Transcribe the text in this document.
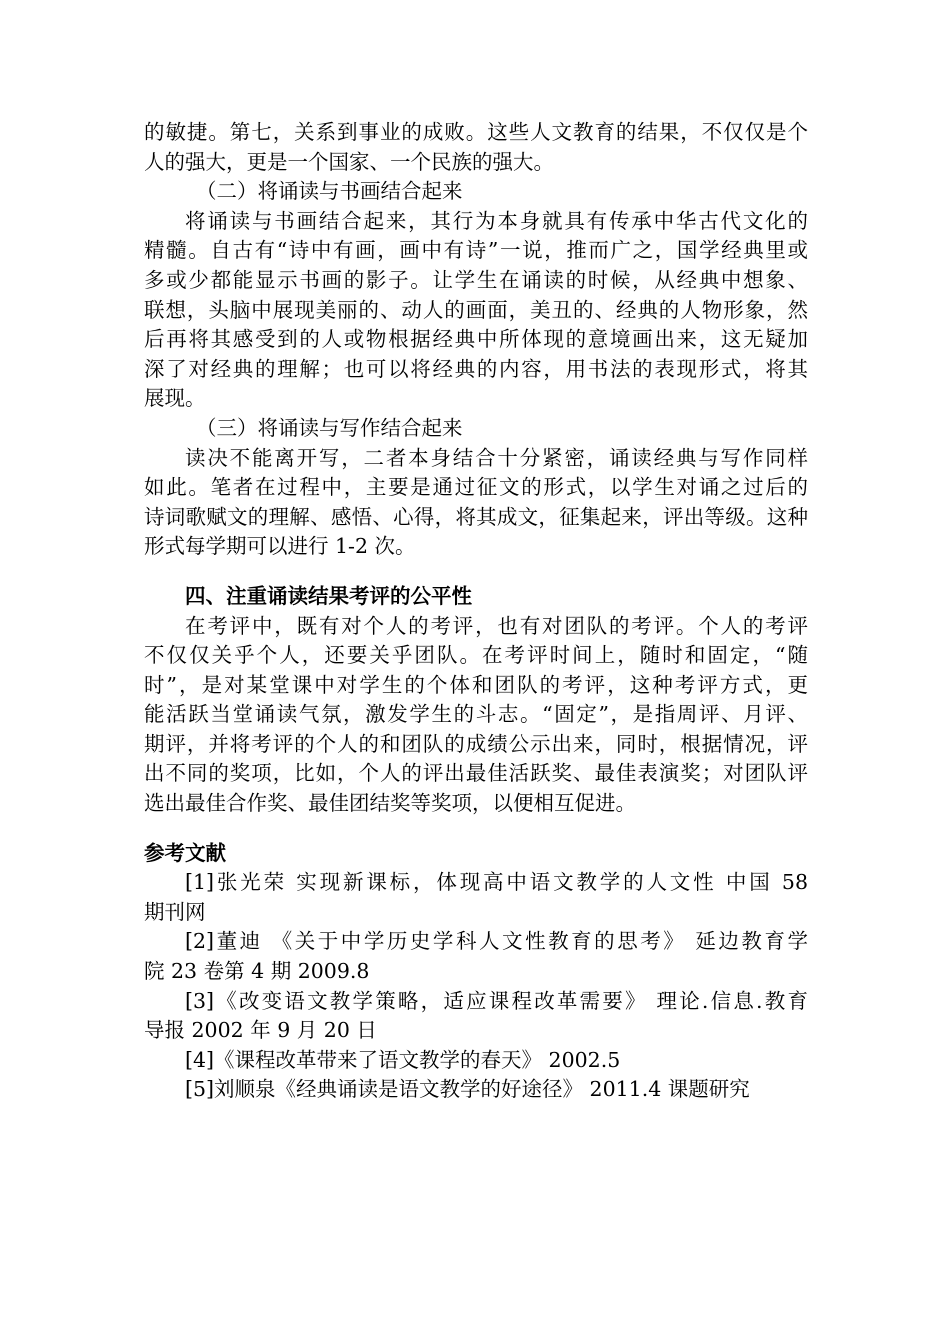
的敏捷。第七，关系到事业的成败。这些人文教育的结果，不仅仅是个
人的强大，更是一个国家、一个民族的强大。
（二）将诵读与书画结合起来
将诵读与书画结合起来，其行为本身就具有传承中华古代文化的
精髓。自古有“诗中有画，画中有诗”一说，推而广之，国学经典里或
多或少都能显示书画的影子。让学生在诵读的时候，从经典中想象、
联想，头脑中展现美丽的、动人的画面，美丑的、经典的人物形象，然
后再将其感受到的人或物根据经典中所体现的意境画出来，这无疑加
深了对经典的理解；也可以将经典的内容，用书法的表现形式，将其
展现。
（三）将诵读与写作结合起来
读决不能离开写，二者本身结合十分紧密，诵读经典与写作同样
如此。笔者在过程中，主要是通过征文的形式，以学生对诵之过后的
诗词歌赋文的理解、感悟、心得，将其成文，征集起来，评出等级。这种
形式每学期可以进行 1-2 次。
四、注重诵读结果考评的公平性
在考评中，既有对个人的考评，也有对团队的考评。个人的考评
不仅仅关乎个人，还要关乎团队。在考评时间上，随时和固定，“随
时”，是对某堂课中对学生的个体和团队的考评，这种考评方式，更
能活跃当堂诵读气氛，激发学生的斗志。“固定”，是指周评、月评、
期评，并将考评的个人的和团队的成绩公示出来，同时，根据情况，评
出不同的奖项，比如，个人的评出最佳活跃奖、最佳表演奖；对团队评
选出最佳合作奖、最佳团结奖等奖项，以便相互促进。
参考文献
[1]张光荣 实现新课标，体现高中语文教学的人文性 中国 58
期刊网
[2]董迪 《关于中学历史学科人文性教育的思考》 延边教育学
院 23 卷第 4 期 2009.8
[3]《改变语文教学策略，适应课程改革需要》 理论.信息.教育
导报 2002 年 9 月 20 日
[4]《课程改革带来了语文教学的春天》 2002.5
[5]刘顺泉《经典诵读是语文教学的好途径》 2011.4 课题研究
